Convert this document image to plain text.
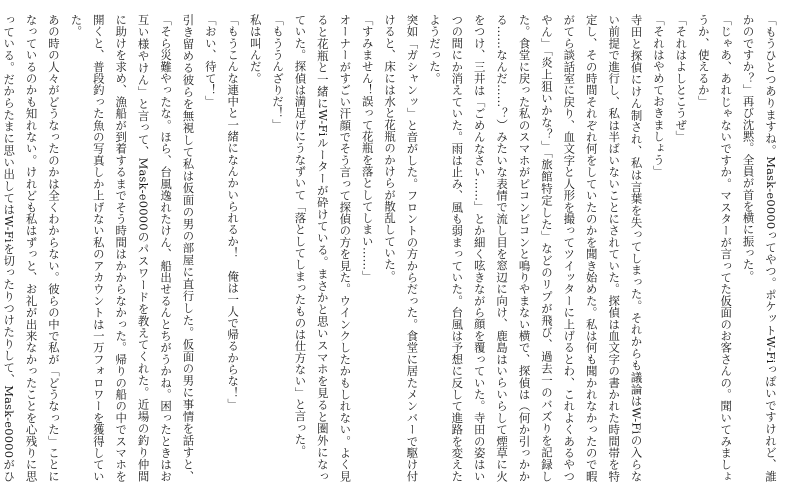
「もうひとつありますね。Mask-e0000ってやつ。ポケットW-Fiっぽいですけれど、誰かのですか？」再び沈黙。全員が首を横に振った。

「じゃあ、あれじゃないですか。マスターが言ってた仮面のお客さんの。聞いてみましょうか、使えるか」

「それはよしとこうぜ」

「それはやめておきましょう」

寺田と探偵にけん制され、私は言葉を失ってしまった。それからも議論はW-Fiの入らない前提で進行し、私は半ばいないことにされていた。探偵は血文字の書かれた時間帯を特定し、その時間それぞれ何をしていたのかを聞き始めた。私は何も聞かれなかったので暇がてら談話室に戻り、血文字と人形を撮ってツイッターに上げるとわ、これよくあるやつやん」「炎上狙いかな？」「旅館特定した」などのリプが飛び、過去一のバズりを記録した。食堂に戻った私のスマホがピコンピコンと鳴りやまない横で、探偵は（何か引っかかる……なんだ……？）みたいな表情で流し目を窓辺に向け、鹿島はいらいらして煙草に火をつけ、三井は「ごめんなさい……」とか細く呟きながら顔を覆っていた。寺田の姿はいつの間にか消えていた。雨は止み、風も弱まっていた。台風は予想に反して進路を変えたようだった。

突如「ガシャンッ」と音がした。フロントの方からだった。食堂に居たメンバーで駆け付けると、床には水と花瓶のかけらが散乱していた。

「すみません！誤って花瓶を落としてしまい……」

オーナーがすごい汗顔でそう言って探偵の方を見た。ウインクしたかもしれない。よく見ると花瓶と一緒にW-Fiルーターが砕けている。まさかと思いスマホを見ると圏外になっていた。探偵は満足げにうなずいて「落としてしまったものは仕方ない」と言った。

「もううんざりだ！」

私は叫んだ。

「もうこんな連中と一緒になんかいられるか！　俺は一人で帰るからな！」

「おい、待て！」

引き留める彼らを無視して私は仮面の男の部屋に直行した。仮面の男に事情を話すと、「そら災難やったな。ほら、台風逸れたけん、船出せるんとちがうかね。困ったときはお互い様やけん」と言って、Mask-e0000のパスワードを教えてくれた。近場の釣り仲間に助けを求め、漁船が到着するまでそう時間はかからなかった。帰りの船の中でスマホを開くと、普段釣った魚の写真しか上げない私のアカウントは一万フォロワーを獲得していた。

あの時の人々がどうなったのかは全くわからない。彼らの中で私が「どうなった」ことになっているのかも知れない。けれども私はずっと、お礼が出来なかったことを心残りに思っている。だからたまに思い出してはW-Fiを切ったりつけたりして、Mask-e0000がひ
